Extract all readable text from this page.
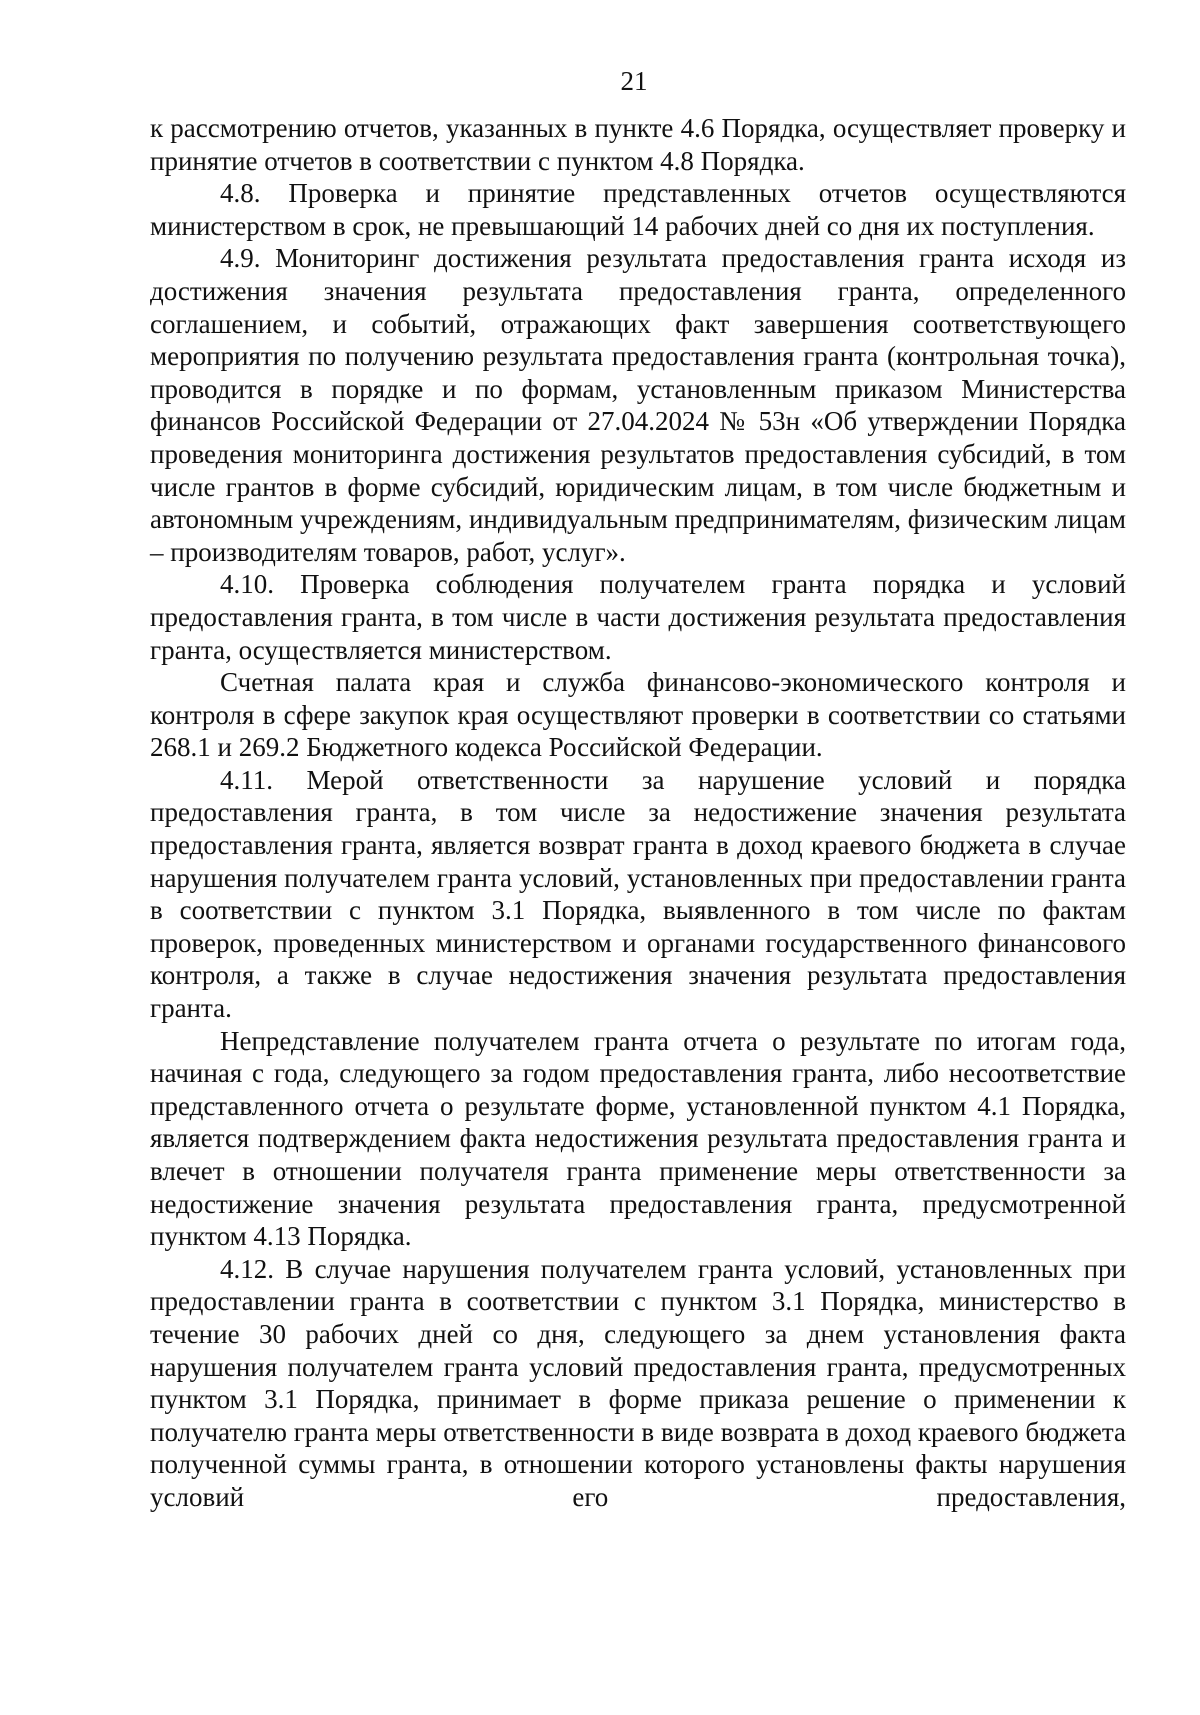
21

к рассмотрению отчетов, указанных в пункте 4.6 Порядка, осуществляет проверку и принятие отчетов в соответствии с пунктом 4.8 Порядка.

4.8. Проверка и принятие представленных отчетов осуществляются министерством в срок, не превышающий 14 рабочих дней со дня их поступления.

4.9. Мониторинг достижения результата предоставления гранта исходя из достижения значения результата предоставления гранта, определенного соглашением, и событий, отражающих факт завершения соответствующего мероприятия по получению результата предоставления гранта (контрольная точка), проводится в порядке и по формам, установленным приказом Министерства финансов Российской Федерации от 27.04.2024 № 53н «Об утверждении Порядка проведения мониторинга достижения результатов предоставления субсидий, в том числе грантов в форме субсидий, юридическим лицам, в том числе бюджетным и автономным учреждениям, индивидуальным предпринимателям, физическим лицам – производителям товаров, работ, услуг».

4.10. Проверка соблюдения получателем гранта порядка и условий предоставления гранта, в том числе в части достижения результата предоставления гранта, осуществляется министерством.

Счетная палата края и служба финансово-экономического контроля и контроля в сфере закупок края осуществляют проверки в соответствии со статьями 268.1 и 269.2 Бюджетного кодекса Российской Федерации.

4.11. Мерой ответственности за нарушение условий и порядка предоставления гранта, в том числе за недостижение значения результата предоставления гранта, является возврат гранта в доход краевого бюджета в случае нарушения получателем гранта условий, установленных при предоставлении гранта в соответствии с пунктом 3.1 Порядка, выявленного в том числе по фактам проверок, проведенных министерством и органами государственного финансового контроля, а также в случае недостижения значения результата предоставления гранта.

Непредставление получателем гранта отчета о результате по итогам года, начиная с года, следующего за годом предоставления гранта, либо несоответствие представленного отчета о результате форме, установленной пунктом 4.1 Порядка, является подтверждением факта недостижения результата предоставления гранта и влечет в отношении получателя гранта применение меры ответственности за недостижение значения результата предоставления гранта, предусмотренной пунктом 4.13 Порядка.

4.12. В случае нарушения получателем гранта условий, установленных при предоставлении гранта в соответствии с пунктом 3.1 Порядка, министерство в течение 30 рабочих дней со дня, следующего за днем установления факта нарушения получателем гранта условий предоставления гранта, предусмотренных пунктом 3.1 Порядка, принимает в форме приказа решение о применении к получателю гранта меры ответственности в виде возврата в доход краевого бюджета полученной суммы гранта, в отношении которого установлены факты нарушения условий его предоставления,
